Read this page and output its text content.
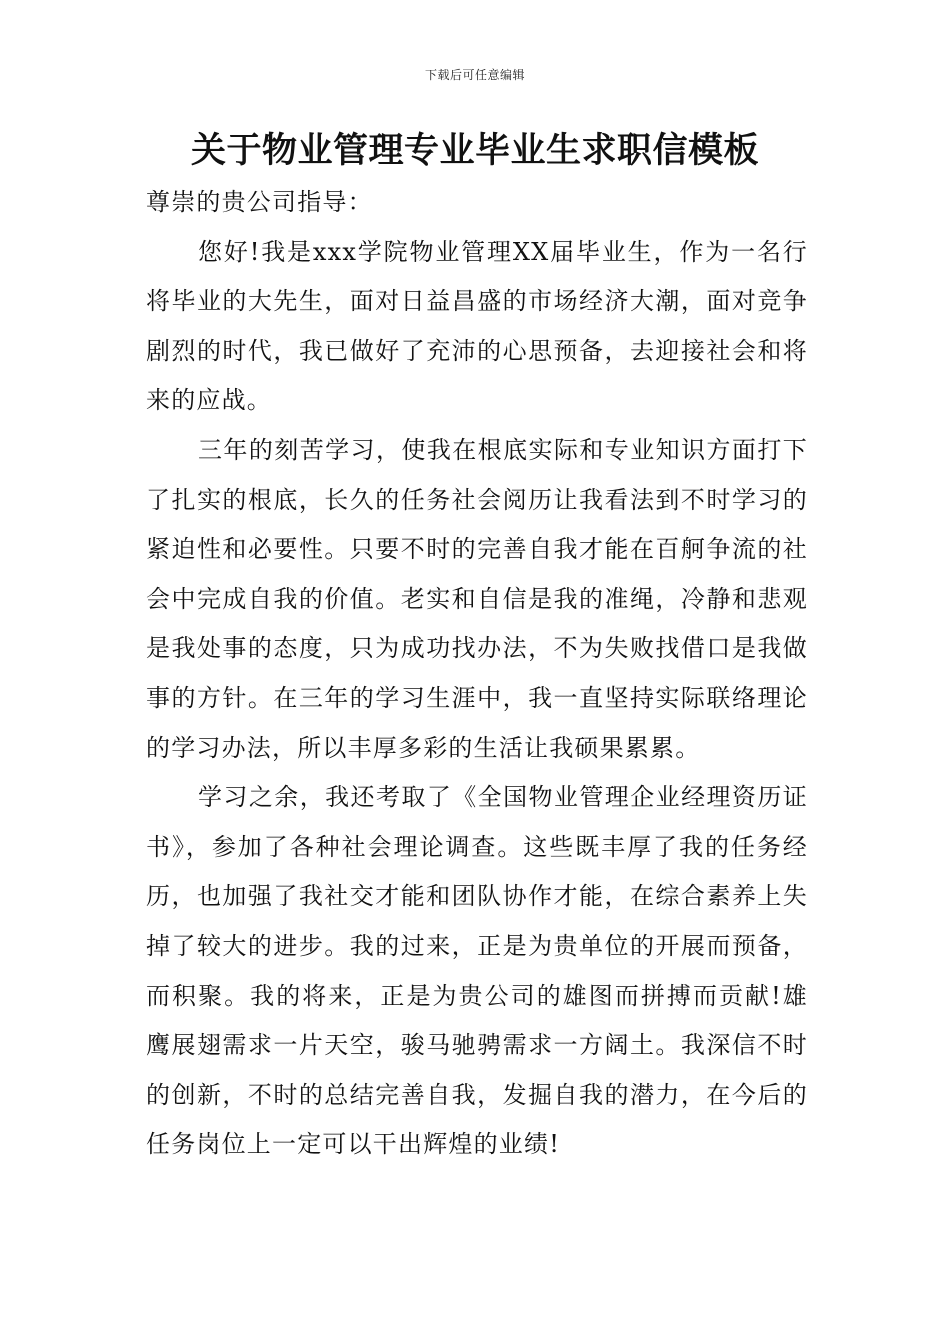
下载后可任意编辑
关于物业管理专业毕业生求职信模板

尊崇的贵公司指导：

您好!我是xxx学院物业管理XX届毕业生，作为一名行将毕业的大先生，面对日益昌盛的市场经济大潮，面对竞争剧烈的时代，我已做好了充沛的心思预备，去迎接社会和将来的应战。

三年的刻苦学习，使我在根底实际和专业知识方面打下了扎实的根底，长久的任务社会阅历让我看法到不时学习的紧迫性和必要性。只要不时的完善自我才能在百舸争流的社会中完成自我的价值。老实和自信是我的准绳，冷静和悲观是我处事的态度，只为成功找办法，不为失败找借口是我做事的方针。在三年的学习生涯中，我一直坚持实际联络理论的学习办法，所以丰厚多彩的生活让我硕果累累。

学习之余，我还考取了《全国物业管理企业经理资历证书》，参加了各种社会理论调查。这些既丰厚了我的任务经历，也加强了我社交才能和团队协作才能，在综合素养上失掉了较大的进步。我的过来，正是为贵单位的开展而预备，而积聚。我的将来，正是为贵公司的雄图而拼搏而贡献!雄鹰展翅需求一片天空，骏马驰骋需求一方阔土。我深信不时的创新，不时的总结完善自我，发掘自我的潜力，在今后的任务岗位上一定可以干出辉煌的业绩!
